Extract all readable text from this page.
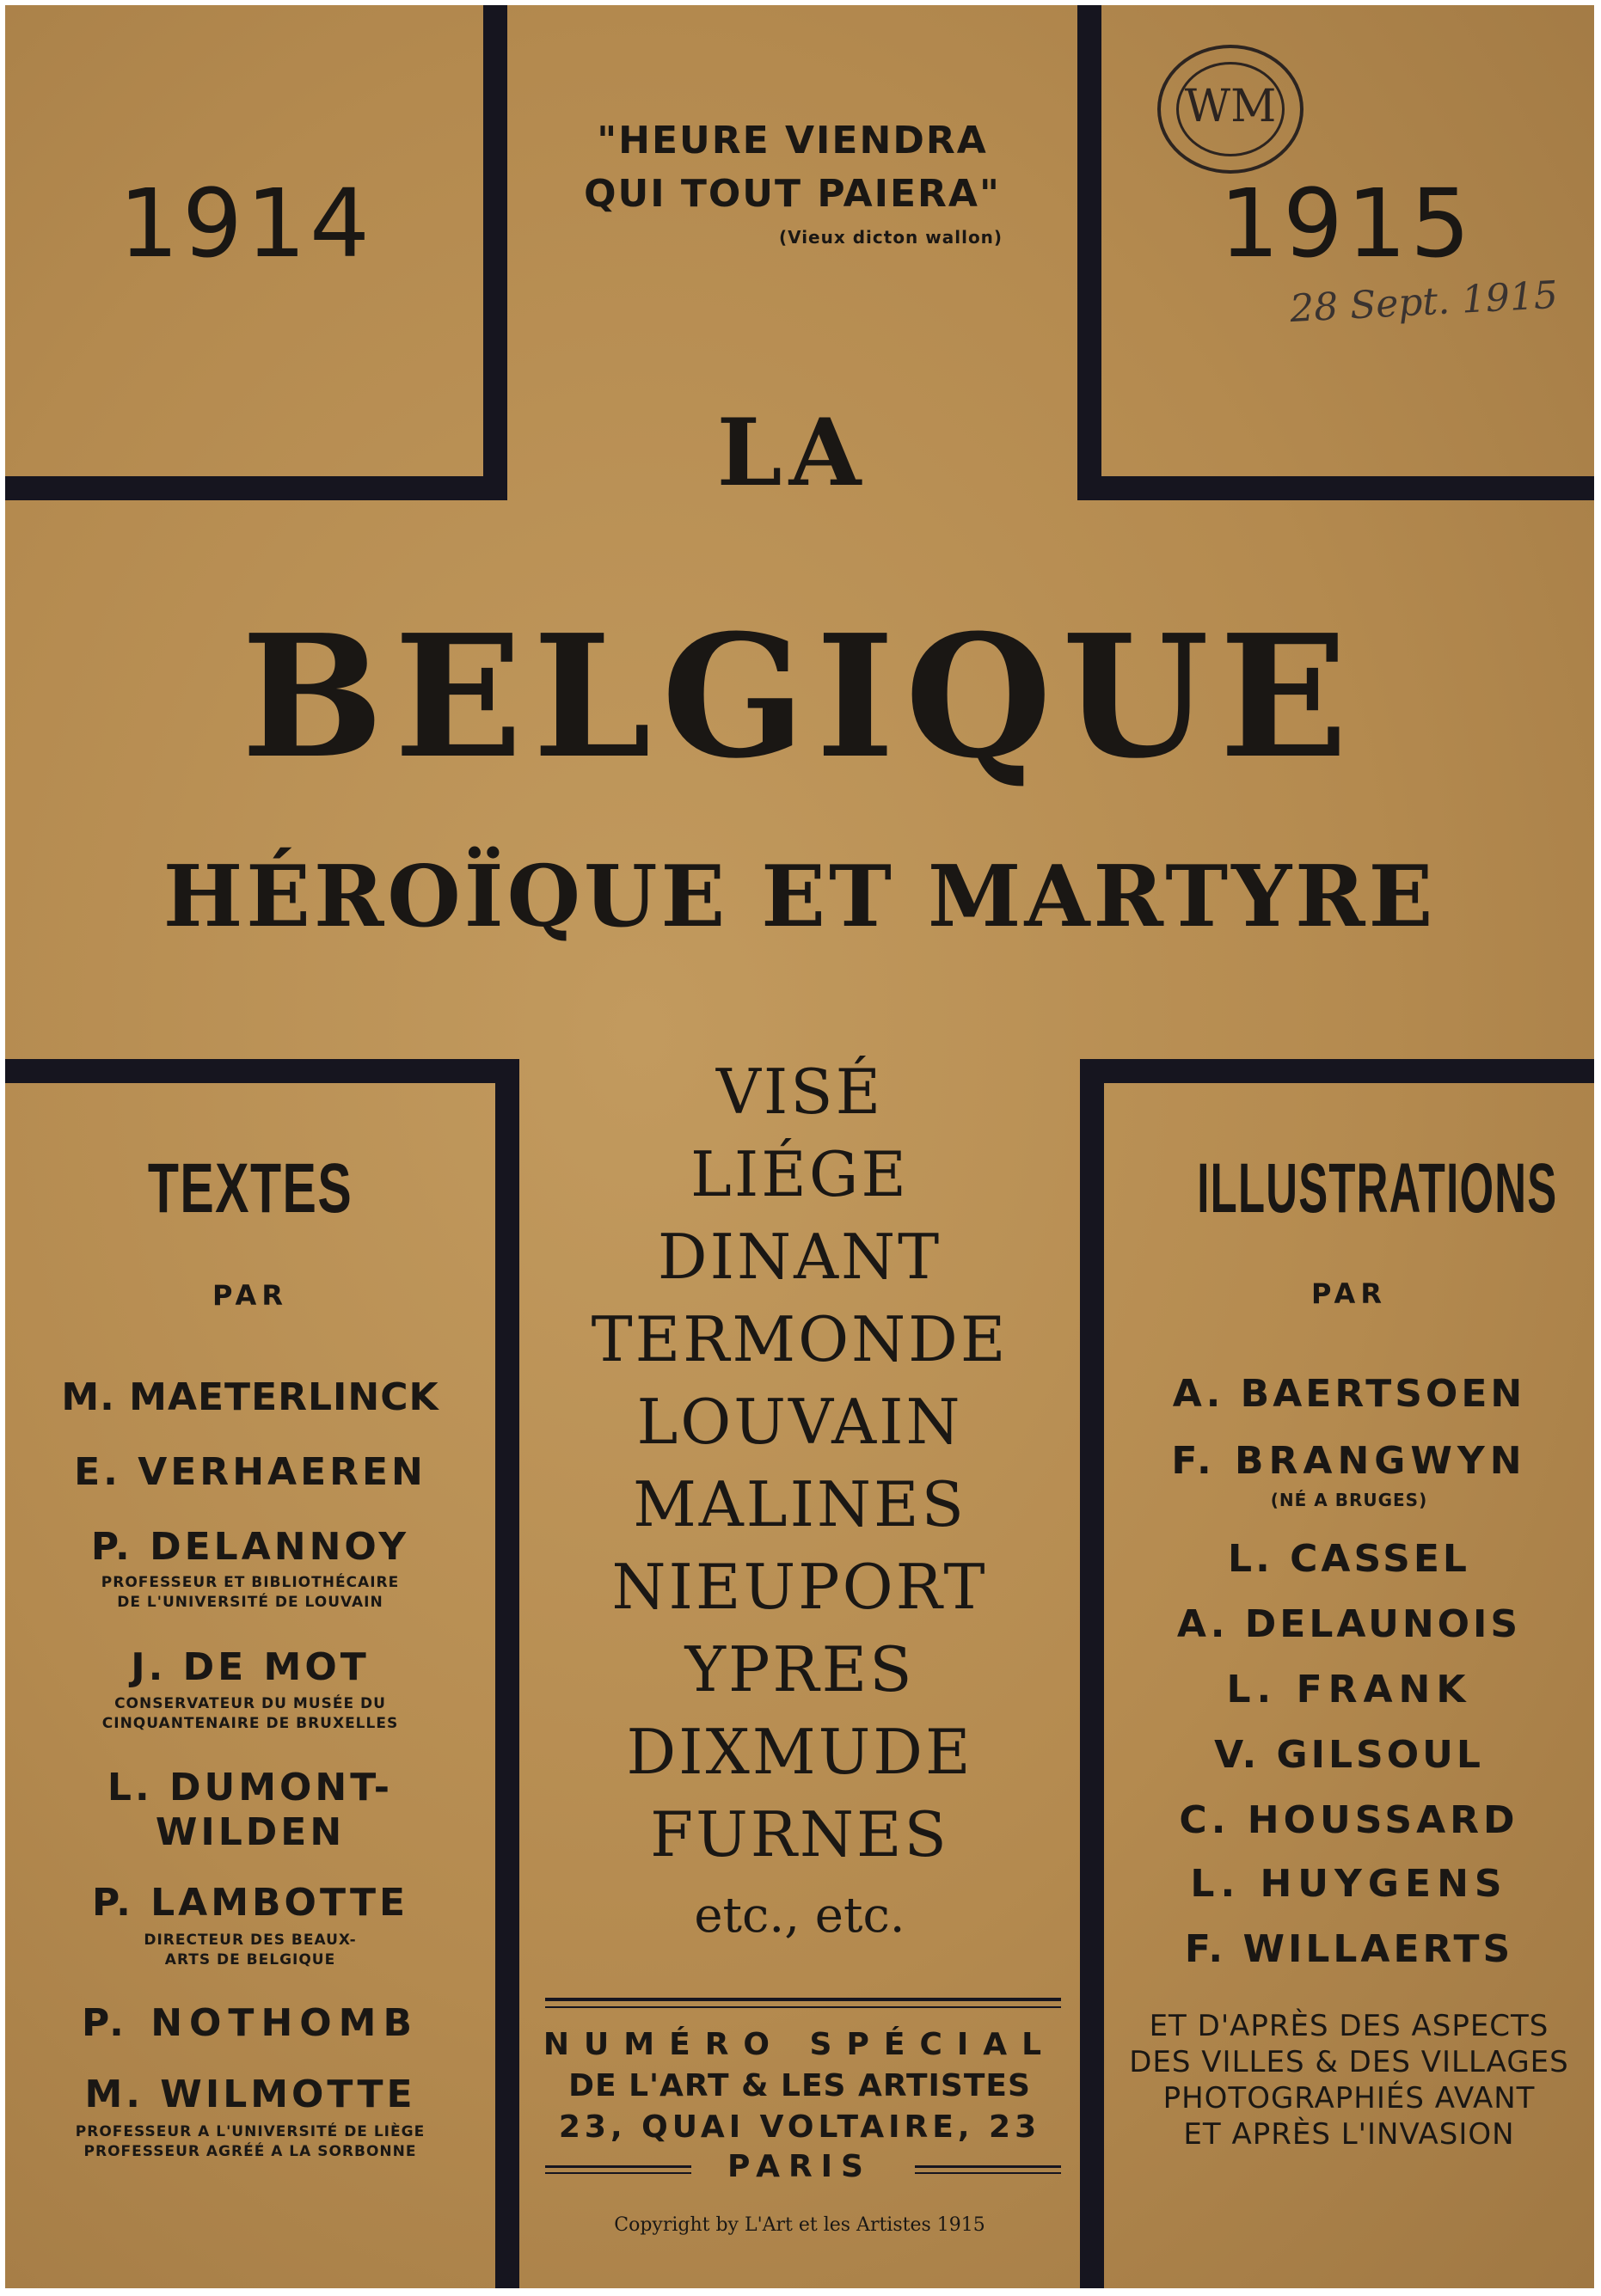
1914	1915
WM
28 Sept. 1915
"HEURE VIENDRA
QUI TOUT PAIERA"
(Vieux dicton wallon)
LA
BELGIQUE
HÉROÏQUE ET MARTYRE
TEXTES
PAR
M. MAETERLINCK
E. VERHAEREN
P. DELANNOY
PROFESSEUR ET BIBLIOTHÉCAIRE
DE L'UNIVERSITÉ DE LOUVAIN
J. DE MOT
CONSERVATEUR DU MUSÉE DU
CINQUANTENAIRE DE BRUXELLES
L. DUMONT-
WILDEN
P. LAMBOTTE
DIRECTEUR DES BEAUX-
ARTS DE BELGIQUE
P. NOTHOMB
M. WILMOTTE
PROFESSEUR A L'UNIVERSITÉ DE LIÈGE
PROFESSEUR AGRÉÉ A LA SORBONNE
VISÉ
LIÉGE
DINANT
TERMONDE
LOUVAIN
MALINES
NIEUPORT
YPRES
DIXMUDE
FURNES
etc., etc.
NUMÉRO SPÉCIAL
DE L'ART & LES ARTISTES
23, QUAI VOLTAIRE, 23
PARIS
Copyright by L'Art et les Artistes 1915
ILLUSTRATIONS
PAR
A. BAERTSOEN
F. BRANGWYN
(NÉ A BRUGES)
L. CASSEL
A. DELAUNOIS
L. FRANK
V. GILSOUL
C. HOUSSARD
L. HUYGENS
F. WILLAERTS
ET D'APRÈS DES ASPECTS
DES VILLES & DES VILLAGES
PHOTOGRAPHIÉS AVANT
ET APRÈS L'INVASION
